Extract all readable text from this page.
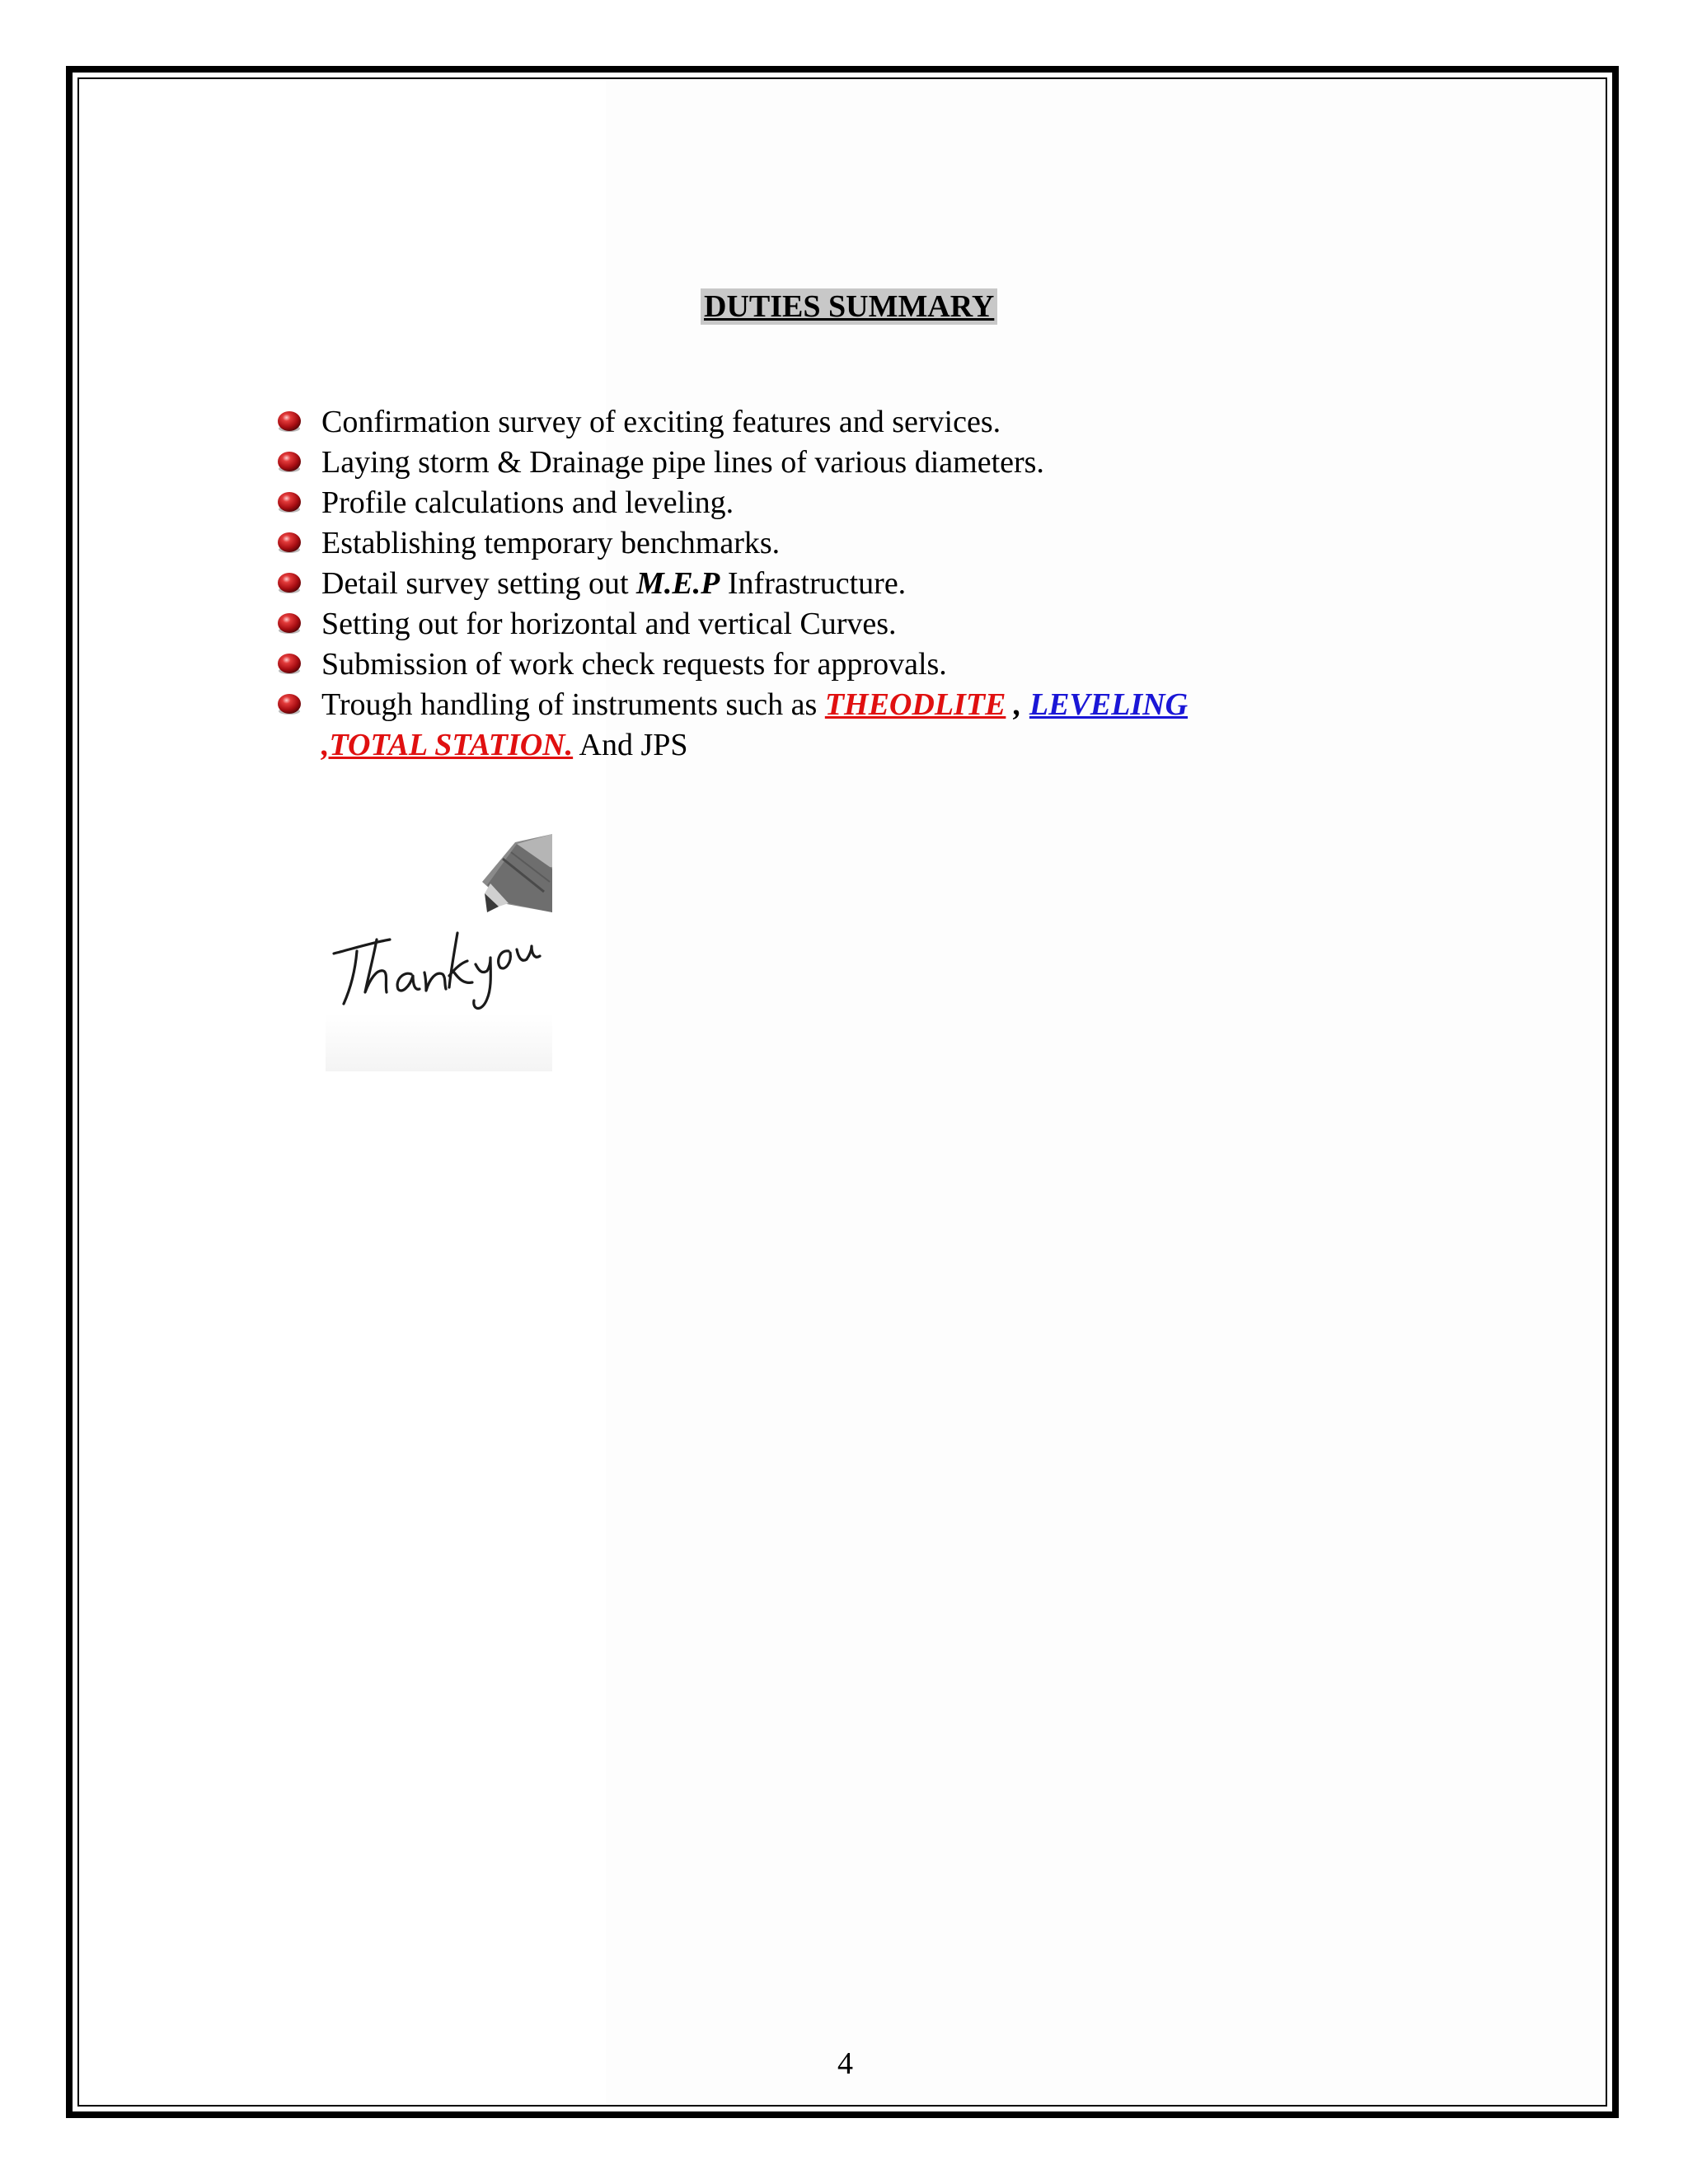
DUTIES SUMMARY
Confirmation survey of exciting features and services.
Laying storm & Drainage pipe lines of various diameters.
Profile calculations and leveling.
Establishing temporary benchmarks.
Detail survey setting out M.E.P Infrastructure.
Setting out for horizontal and vertical Curves.
Submission of work check requests for approvals.
Trough handling of instruments such as THEODLITE , LEVELING
,TOTAL STATION. And JPS
4
